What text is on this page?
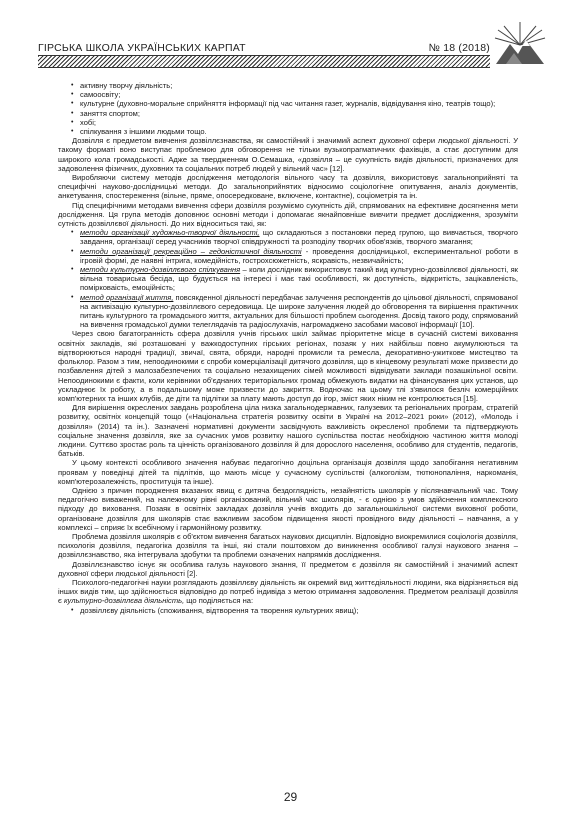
ГІРСЬКА ШКОЛА УКРАЇНСЬКИХ КАРПАТ	№ 18 (2018)
• активну творчу діяльність;
• самоосвіту;
• культурне (духовно-моральне сприйняття інформації під час читання газет, журналів, відвідування кіно, театрів тощо);
• заняття спортом;
• хобі;
• спілкування з іншими людьми тощо.

Дозвілля є предметом вивчення дозвіллєзнавства, як самостійний і значимий аспект духовної сфери людської діяльності. У такому форматі воно виступає проблемою для обговорення не тільки вузькопрагматичних фахівців, а стає доступним для широкого кола громадськості. Адже за твердженням О.Семашка, «дозвілля – це сукупність видів діяльності, призначених для задоволення фізичних, духовних та соціальних потреб людей у вільний час» [12].

Виробляючи систему методів дослідження методологія вільного часу та дозвілля, використовує загальноприйняті та специфічні науково-дослідницькі методи. До загальноприйнятих відносимо соціологічне опитування, аналіз документів, анкетування, спостереження (вільне, пряме, опосередковане, включене, контактне), соціометрія та ін.

Під специфічними методами вивчення сфери дозвілля розуміємо сукупність дій, спрямованих на ефективне досягнення мети дослідження. Ця група методів доповнює основні методи і допомагає якнайповніше вивчити предмет дослідження, зрозуміти сутність дозвіллєвої діяльності. До них відноситься такі, як:

• методи організації художньо-творчої діяльності, що складаються з постановки перед групою, що вивчається, творчого завдання, організації серед учасників творчої співдружності та розподілу творчих обов'язків, творчого змагання;
• методи організації рекреаційно – гедоністичної діяльності - проведення дослідницької, експериментальної роботи в ігровій формі, де наявні інтрига, комедійність, гострохсюжетність, яскравість, незвичайність;
• методи культурно-дозвіллєвого спілкування – коли дослідник використовує такий вид культурно-дозвіллєвої діяльності, як вільна товариська бесіда, що будується на інтересі і має такі особливості, як доступність, відкритість, зацікавленість, помірковаість, емоційність;
• метод організації життя, повсякденної діяльності передбачає залучення респондентів до цільової діяльності, спрямованої на активізацію культурно-дозвіллєвого середовища. Це широке залучення людей до обговорення та вирішення практичних питань культурного та громадського життя, актуальних для більшості проблем сьогодення. Досвід такого роду, спрямований на вивчення громадської думки телеглядачів та радіослухачів, нагромаджено засобами масової інформації [10].

Через свою багатогранність сфера дозвілля учнів гірських шкіл займає пріоритетне місце в сучасній системі виховання освітніх закладів, які розташовані у важкодоступних гірських регіонах, позаяк у них найбільш повно акумулюються та відтворюються народні традиції, звичаї, свята, обряди, народні промисли та ремесла, декоративно-ужиткове мистецтво та фольклор. Разом з тим, непоодинокими є спроби комерціалізації дитячого дозвілля, що в кінцевому результаті може призвести до позбавлення дітей з малозабезпечених та соціально незахищених сімей можливості відвідувати заклади позашкільної освіти. Непоодинокими є факти, коли керівники об'єднаних територіальних громад обмежують видатки на фінансування цих установ, що ускладнює їх роботу, а в подальшому може призвести до закриття. Водночас на цьому тлі з'явилося безліч комерційних комп'ютерних та інших клубів, де діти та підлітки за плату мають доступ до ігор, зміст яких ніким не контролюється [15].

Для вирішення окреслених завдань розроблена ціла низка загальнодержавних, галузевих та регіональних програм, стратегій розвитку, освітніх концепцій тощо («Національна стратегія розвитку освіти в Україні на 2012–2021 роки» (2012), «Молодь і дозвілля» (2014) та ін.). Зазначені нормативні документи засвідчують важливість окресленої проблеми та підтверджують соціальне значення дозвілля, яке за сучасних умов розвитку нашого суспільства постає необхідною частиною життя молоді людини. Суттєво зростає роль та цінність організованого дозвілля й для дорослого населення, особливо для студентів, педагогів, батьків.

У цьому контексті особливого значення набуває педагогічно доцільна організація дозвілля щодо запобігання негативним проявам у поведінці дітей та підлітків, що мають місце у сучасному суспільстві (алкоголізм, тютюнопаління, наркоманія, комп'ютерозалежність, проституція та інше).

Однією з причин породження вказаних явищ є дитяча бездоглядність, незайнятість школярів у післянавчальний час. Тому педагогічно виважений, на належному рівні організований, вільний час школярів, - є однією з умов здійснення комплексного підходу до виховання. Позаяк в освітніх закладах дозвілля учнів входить до загальношкільної системи виховної роботи, організоване дозвілля для школярів стає важливим засобом підвищення якості провідного виду діяльності – навчання, а у комплексі – сприяє їх всебічному і гармонійному розвитку.

Проблема дозвілля школярів є об'єктом вивчення багатьох наукових дисциплін. Відповідно виокремилися соціологія дозвілля, психологія дозвілля, педагогіка дозвілля та інші, які стали поштовхом до виникнення особливої галузі наукового знання – дозвіллєзнавство, яка інтегрувала здобутки та проблеми означених напрямків дослідження.

Дозвіллєзнавство існує як особлива галузь наукового знання, її предметом є дозвілля як самостійний і значимий аспект духовної сфери людської діяльності [2].

Психолого-педагогічні науки розглядають дозвіллєву діяльність як окремий вид життєдіяльності людини, яка відрізняється від інших видів тим, що здійснюється відповідно до потреб індивіда з метою отримання задоволення. Предметом реалізації дозвілля є культурно-дозвіллєва діяльність, що поділяється на:

• дозвіллєву діяльність (споживання, відтворення та творення культурних явищ);
29
